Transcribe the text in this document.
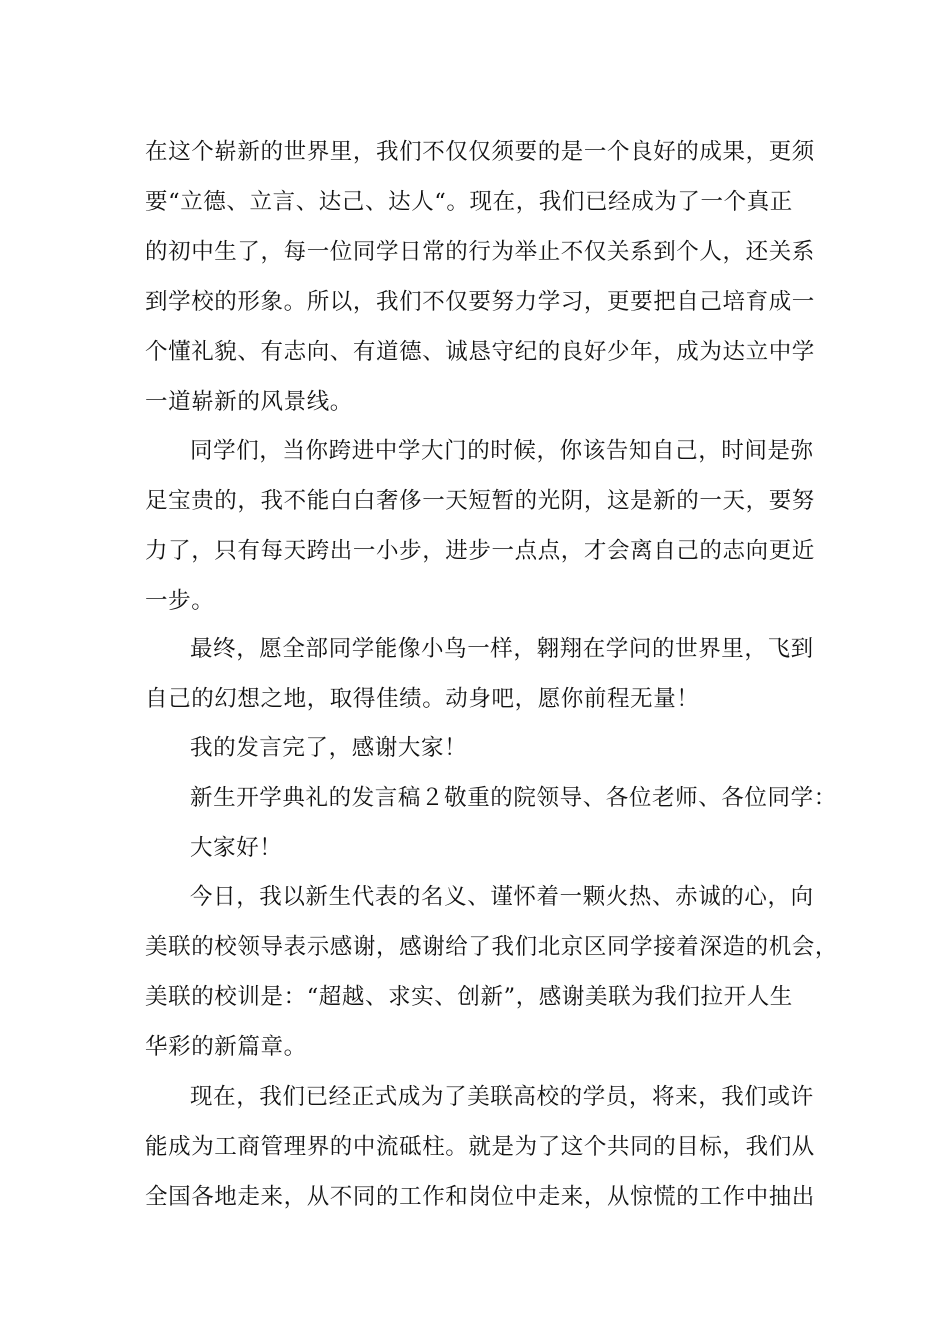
在这个崭新的世界里，我们不仅仅须要的是一个良好的成果，更须
要“立德、立言、达己、达人“。现在，我们已经成为了一个真正
的初中生了，每一位同学日常的行为举止不仅关系到个人，还关系
到学校的形象。所以，我们不仅要努力学习，更要把自己培育成一
个懂礼貌、有志向、有道德、诚恳守纪的良好少年，成为达立中学
一道崭新的风景线。
同学们，当你跨进中学大门的时候，你该告知自己，时间是弥
足宝贵的，我不能白白奢侈一天短暂的光阴，这是新的一天，要努
力了，只有每天跨出一小步，进步一点点，才会离自己的志向更近
一步。
最终，愿全部同学能像小鸟一样，翱翔在学问的世界里，飞到
自己的幻想之地，取得佳绩。动身吧，愿你前程无量！
我的发言完了，感谢大家！
新生开学典礼的发言稿２敬重的院领导、各位老师、各位同学：
大家好！
今日，我以新生代表的名义、谨怀着一颗火热、赤诚的心，向
美联的校领导表示感谢，感谢给了我们北京区同学接着深造的机会，
美联的校训是：“超越、求实、创新”，感谢美联为我们拉开人生
华彩的新篇章。
现在，我们已经正式成为了美联高校的学员，将来，我们或许
能成为工商管理界的中流砥柱。就是为了这个共同的目标，我们从
全国各地走来，从不同的工作和岗位中走来，从惊慌的工作中抽出
